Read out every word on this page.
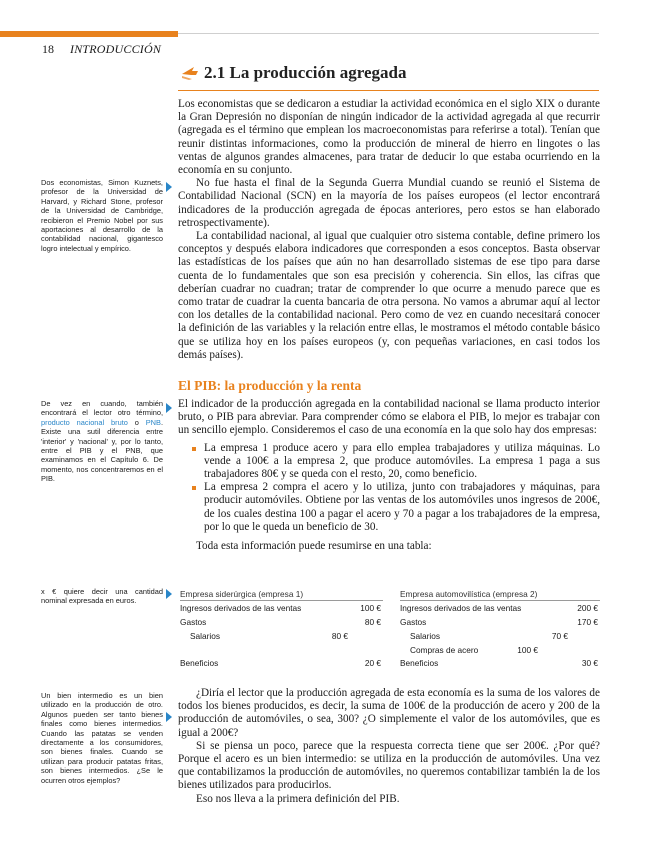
18 INTRODUCCIÓN
2.1 La producción agregada

Los economistas que se dedicaron a estudiar la actividad económica en el siglo XIX o durante la Gran Depresión no disponían de ningún indicador de la actividad agregada al que recurrir (agregada es el término que emplean los macroeconomistas para referirse a total). Tenían que reunir distintas informaciones, como la producción de mineral de hierro en lingotes o las ventas de algunos grandes almacenes, para tratar de deducir lo que estaba ocurriendo en la economía en su conjunto.

No fue hasta el final de la Segunda Guerra Mundial cuando se reunió el Sistema de Contabilidad Nacional (SCN) en la mayoría de los países europeos (el lector encontrará indicadores de la producción agregada de épocas anteriores, pero estos se han elaborado retrospectivamente).

La contabilidad nacional, al igual que cualquier otro sistema contable, define primero los conceptos y después elabora indicadores que corresponden a esos conceptos. Basta observar las estadísticas de los países que aún no han desarrollado sistemas de ese tipo para darse cuenta de lo fundamentales que son esa precisión y coherencia. Sin ellos, las cifras que deberían cuadrar no cuadran; tratar de comprender lo que ocurre a menudo parece que es como tratar de cuadrar la cuenta bancaria de otra persona. No vamos a abrumar aquí al lector con los detalles de la contabilidad nacional. Pero como de vez en cuando necesitará conocer la definición de las variables y la relación entre ellas, le mostramos el método contable básico que se utiliza hoy en los países europeos (y, con pequeñas variaciones, en casi todos los demás países).

El PIB: la producción y la renta

El indicador de la producción agregada en la contabilidad nacional se llama producto interior bruto, o PIB para abreviar. Para comprender cómo se elabora el PIB, lo mejor es trabajar con un sencillo ejemplo. Consideremos el caso de una economía en la que solo hay dos empresas:

La empresa 1 produce acero y para ello emplea trabajadores y utiliza máquinas. Lo vende a 100€ a la empresa 2, que produce automóviles. La empresa 1 paga a sus trabajadores 80€ y se queda con el resto, 20, como beneficio.
La empresa 2 compra el acero y lo utiliza, junto con trabajadores y máquinas, para producir automóviles. Obtiene por las ventas de los automóviles unos ingresos de 200€, de los cuales destina 100 a pagar el acero y 70 a pagar a los trabajadores de la empresa, por lo que le queda un beneficio de 30.

Toda esta información puede resumirse en una tabla:

Empresa siderúrgica (empresa 1)
Ingresos derivados de las ventas	100 €
Gastos	80 €
Salarios	80 €
Beneficios	20 €
Empresa automovilística (empresa 2)
Ingresos derivados de las ventas	200 €
Gastos	170 €
Salarios	70 €
Compras de acero	100 €
Beneficios	30 €

¿Diría el lector que la producción agregada de esta economía es la suma de los valores de todos los bienes producidos, es decir, la suma de 100€ de la producción de acero y 200 de la producción de automóviles, o sea, 300? ¿O simplemente el valor de los automóviles, que es igual a 200€?

Si se piensa un poco, parece que la respuesta correcta tiene que ser 200€. ¿Por qué? Porque el acero es un bien intermedio: se utiliza en la producción de automóviles. Una vez que contabilizamos la producción de automóviles, no queremos contabilizar también la de los bienes utilizados para producirlos.

Eso nos lleva a la primera definición del PIB.

Dos economistas, Simon Kuznets, profesor de la Universidad de Harvard, y Richard Stone, profesor de la Universidad de Cambridge, recibieron el Premio Nobel por sus aportaciones al desarrollo de la contabilidad nacional, gigantesco logro intelectual y empírico.
De vez en cuando, también encontrará el lector otro término, producto nacional bruto o PNB. Existe una sutil diferencia entre 'interior' y 'nacional' y, por lo tanto, entre el PIB y el PNB, que examinamos en el Capítulo 6. De momento, nos concentraremos en el PIB.
x € quiere decir una cantidad nominal expresada en euros.
Un bien intermedio es un bien utilizado en la producción de otro. Algunos pueden ser tanto bienes finales como bienes intermedios. Cuando las patatas se venden directamente a los consumidores, son bienes finales. Cuando se utilizan para producir patatas fritas, son bienes intermedios. ¿Se le ocurren otros ejemplos?
